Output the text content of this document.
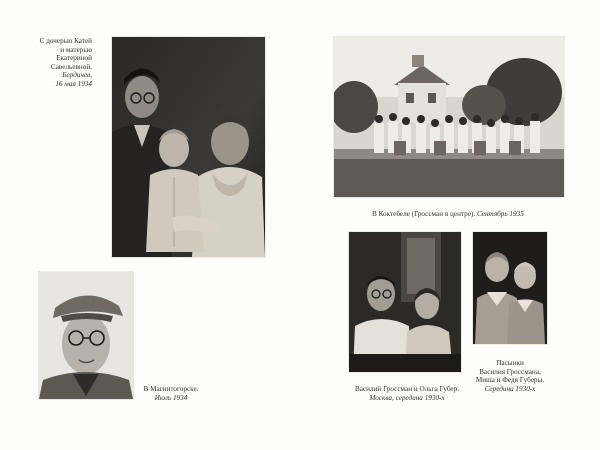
С дочерью Катей
и матерью
Екатериной
Савельевной.
Бердичев,
16 мая 1934

В Магнитогорске.
Июль 1934

В Коктебеле (Гроссман в центре). Сентябрь 1935

Пасынки
Василия Гроссмана,
Миша и Федя Губеры.
Середина 1930-х

Василий Гроссман и Ольга Губер.
Москва, середина 1930-х
